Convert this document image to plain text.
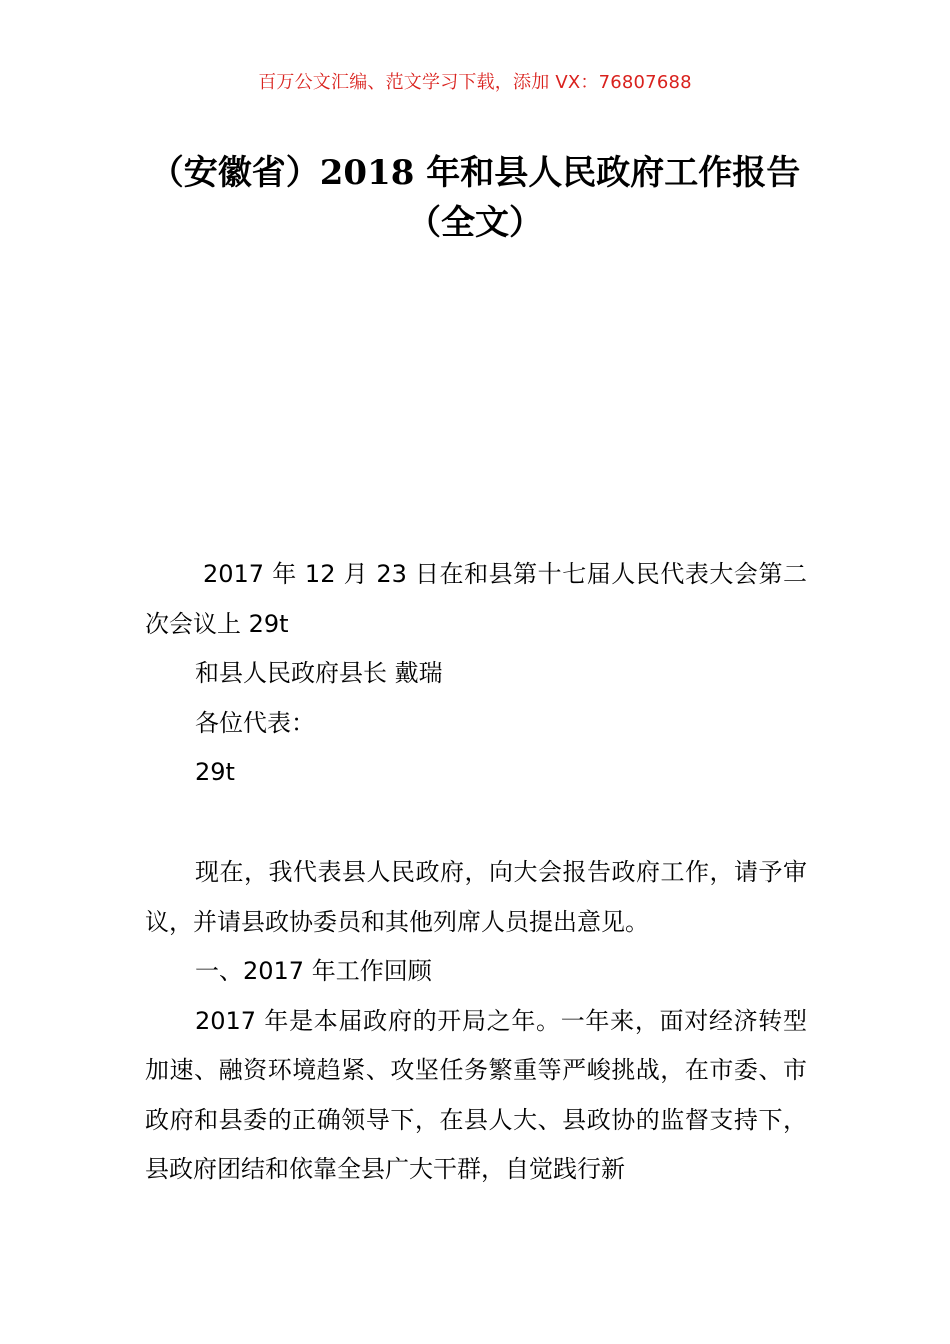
百万公文汇编、范文学习下载，添加 VX：76807688
（安徽省）2018 年和县人民政府工作报告（全文）

2017 年 12 月 23 日在和县第十七届人民代表大会第二次会议上 29t

和县人民政府县长 戴瑞

各位代表：

29t

现在，我代表县人民政府，向大会报告政府工作，请予审议，并请县政协委员和其他列席人员提出意见。

一、2017 年工作回顾

2017 年是本届政府的开局之年。一年来，面对经济转型加速、融资环境趋紧、攻坚任务繁重等严峻挑战，在市委、市政府和县委的正确领导下，在县人大、县政协的监督支持下，县政府团结和依靠全县广大干群，自觉践行新
